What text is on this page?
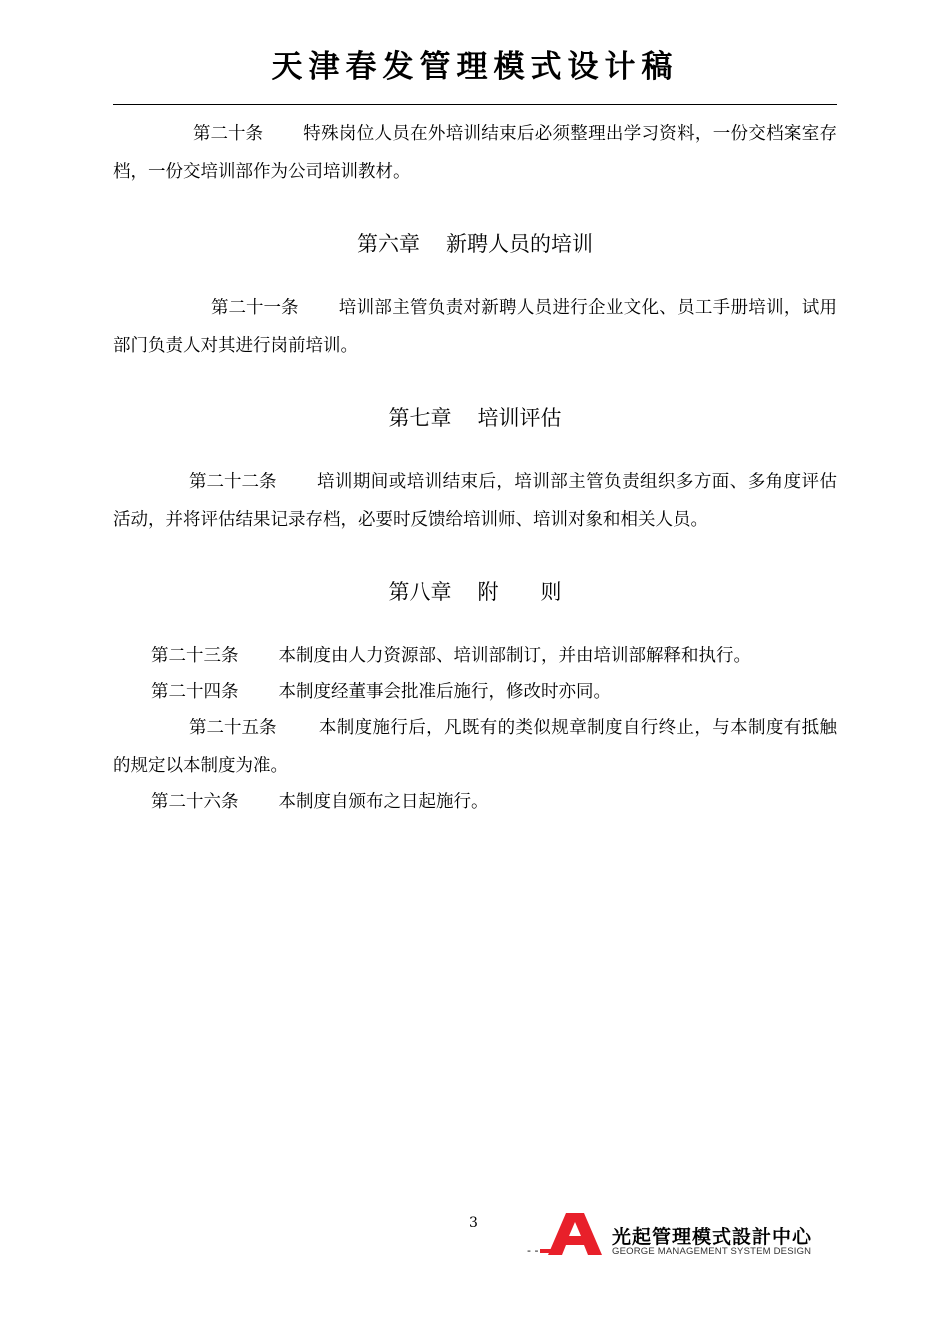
天津春发管理模式设计稿
第二十条 特殊岗位人员在外培训结束后必须整理出学习资料，一份交档案室存档，一份交培训部作为公司培训教材。
第六章 新聘人员的培训
第二十一条 培训部主管负责对新聘人员进行企业文化、员工手册培训，试用部门负责人对其进行岗前培训。
第七章 培训评估
第二十二条 培训期间或培训结束后，培训部主管负责组织多方面、多角度评估活动，并将评估结果记录存档，必要时反馈给培训师、培训对象和相关人员。
第八章 附　　则
第二十三条 本制度由人力资源部、培训部制订，并由培训部解释和执行。
第二十四条 本制度经董事会批准后施行，修改时亦同。
第二十五条 本制度施行后，凡既有的类似规章制度自行终止，与本制度有抵触的规定以本制度为准。
第二十六条 本制度自颁布之日起施行。
3
- -
光起管理模式設計中心
GEORGE MANAGEMENT SYSTEM DESIGN
